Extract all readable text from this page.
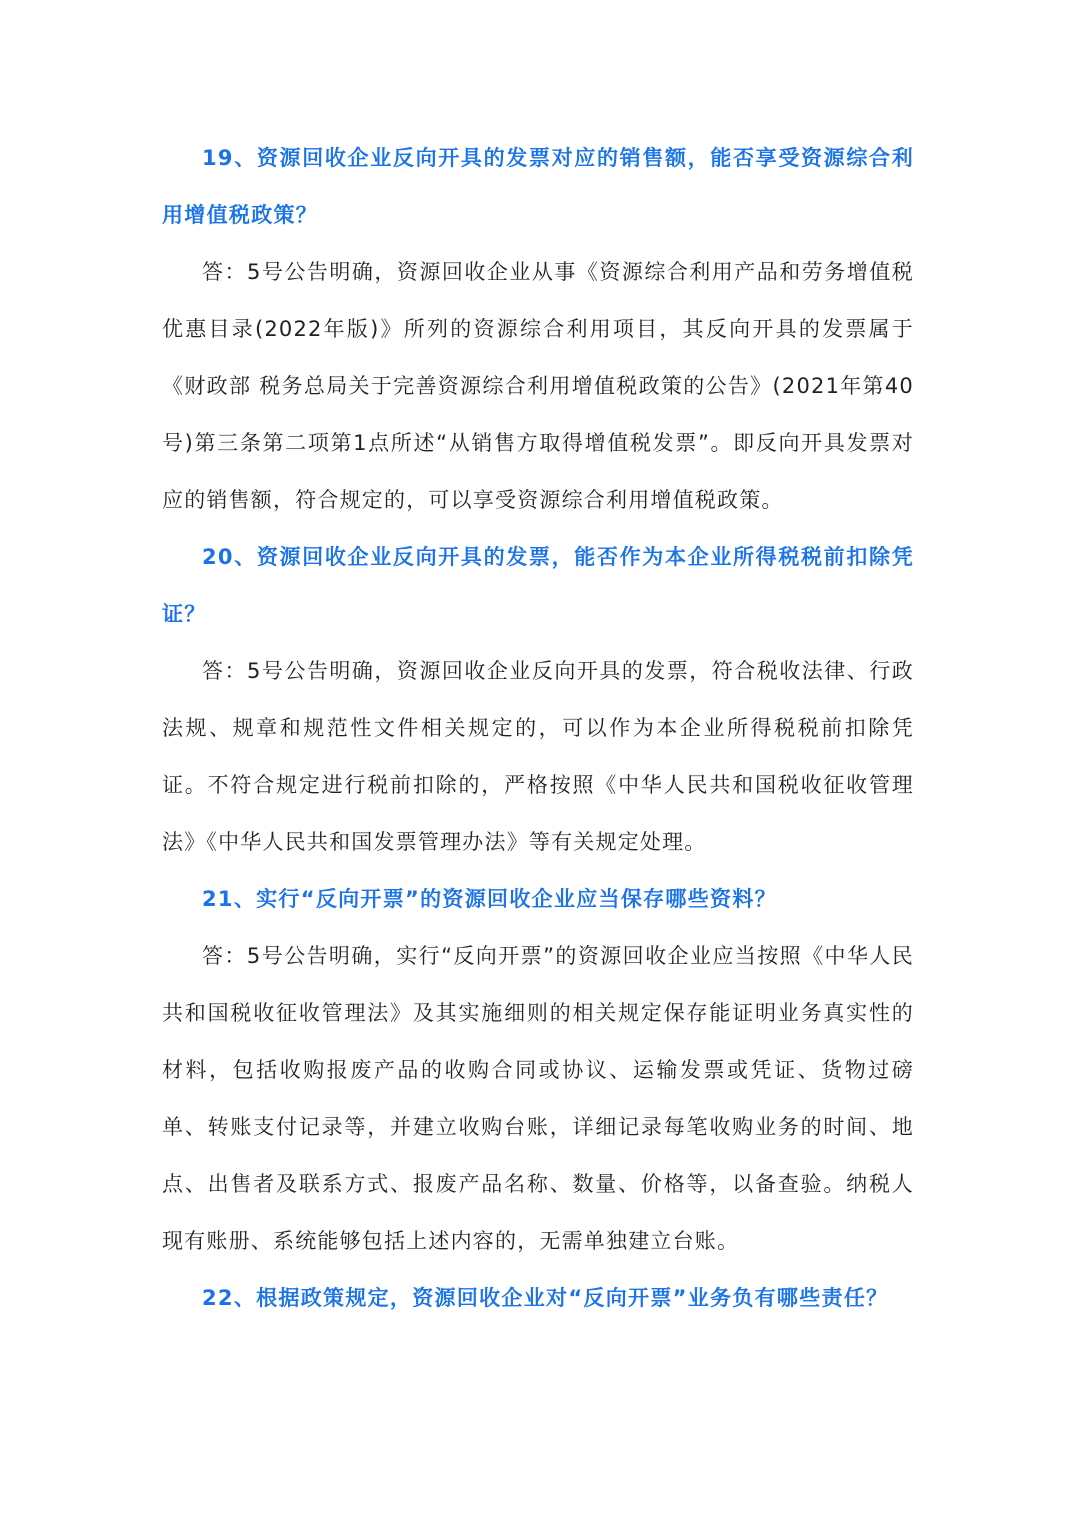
19、资源回收企业反向开具的发票对应的销售额，能否享受资源综合利用增值税政策？

答：5号公告明确，资源回收企业从事《资源综合利用产品和劳务增值税优惠目录(2022年版)》所列的资源综合利用项目，其反向开具的发票属于《财政部 税务总局关于完善资源综合利用增值税政策的公告》(2021年第40号)第三条第二项第1点所述“从销售方取得增值税发票”。即反向开具发票对应的销售额，符合规定的，可以享受资源综合利用增值税政策。

20、资源回收企业反向开具的发票，能否作为本企业所得税税前扣除凭证？

答：5号公告明确，资源回收企业反向开具的发票，符合税收法律、行政法规、规章和规范性文件相关规定的，可以作为本企业所得税税前扣除凭证。不符合规定进行税前扣除的，严格按照《中华人民共和国税收征收管理法》《中华人民共和国发票管理办法》等有关规定处理。

21、实行“反向开票”的资源回收企业应当保存哪些资料？

答：5号公告明确，实行“反向开票”的资源回收企业应当按照《中华人民共和国税收征收管理法》及其实施细则的相关规定保存能证明业务真实性的材料，包括收购报废产品的收购合同或协议、运输发票或凭证、货物过磅单、转账支付记录等，并建立收购台账，详细记录每笔收购业务的时间、地点、出售者及联系方式、报废产品名称、数量、价格等，以备查验。纳税人现有账册、系统能够包括上述内容的，无需单独建立台账。

22、根据政策规定，资源回收企业对“反向开票”业务负有哪些责任？
